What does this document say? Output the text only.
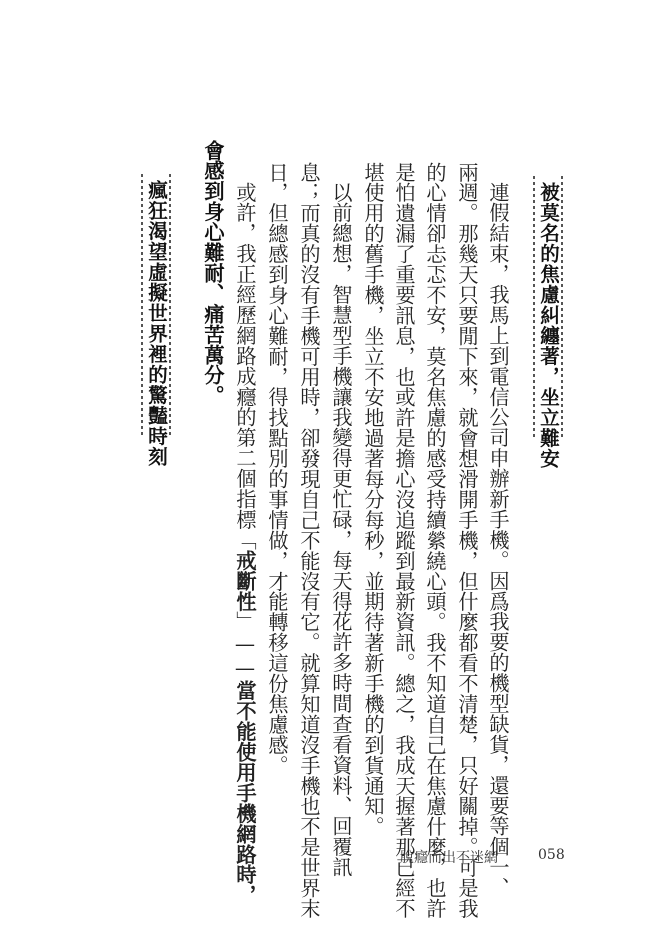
被莫名的焦慮糾纏著，坐立難安
連假結束，我馬上到電信公司申辦新手機。因爲我要的機型缺貨，還要等個一、
兩週。那幾天只要閒下來，就會想滑開手機，但什麼都看不清楚，只好關掉。可是我
的心情卻忐忑不安，莫名焦慮的感受持續縈繞心頭。我不知道自己在焦慮什麼，也許
是怕遺漏了重要訊息，也或許是擔心沒追蹤到最新資訊。總之，我成天握著那已經不
堪使用的舊手機，坐立不安地過著每分每秒，並期待著新手機的到貨通知。
以前總想，智慧型手機讓我變得更忙碌，每天得花許多時間查看資料、回覆訊
息；而真的沒有手機可用時，卻發現自己不能沒有它。就算知道沒手機也不是世界末
日，但總感到身心難耐，得找點別的事情做，才能轉移這份焦慮感。
或許，我正經歷網路成癮的第二個指標「戒斷性」——當不能使用手機網路時，
會感到身心難耐、痛苦萬分。
瘋狂渴望虛擬世界裡的驚豔時刻
脫癮而出不迷網	058
